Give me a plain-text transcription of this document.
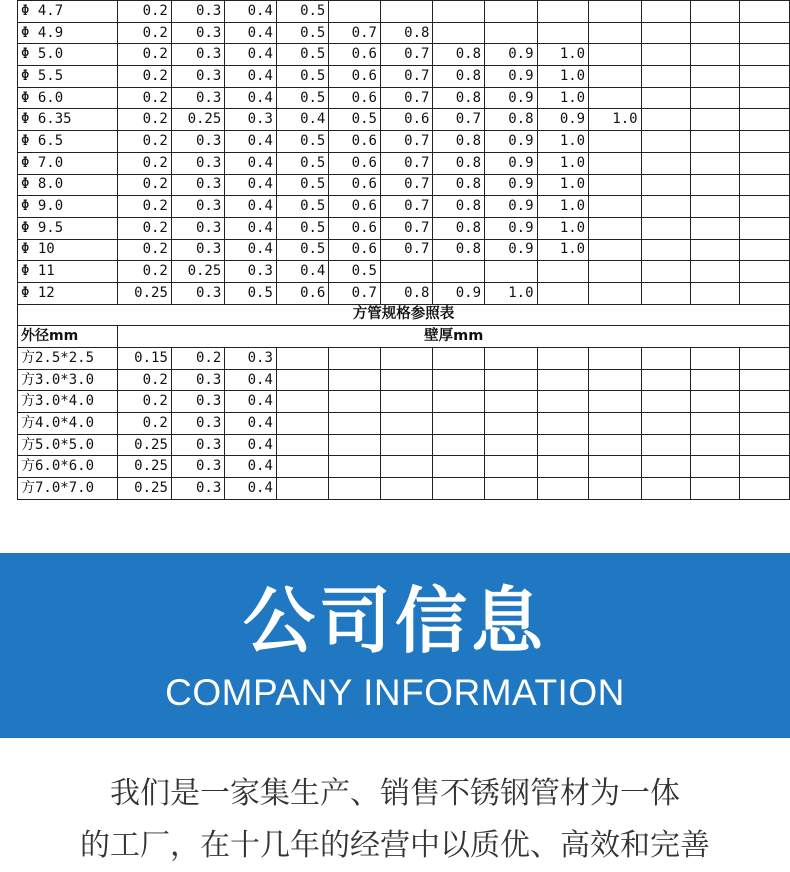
Φ 4.7	0.2	0.3	0.4	0.5									
Φ 4.9	0.2	0.3	0.4	0.5	0.7	0.8							
Φ 5.0	0.2	0.3	0.4	0.5	0.6	0.7	0.8	0.9	1.0				
Φ 5.5	0.2	0.3	0.4	0.5	0.6	0.7	0.8	0.9	1.0				
Φ 6.0	0.2	0.3	0.4	0.5	0.6	0.7	0.8	0.9	1.0				
Φ 6.35	0.2	0.25	0.3	0.4	0.5	0.6	0.7	0.8	0.9	1.0			
Φ 6.5	0.2	0.3	0.4	0.5	0.6	0.7	0.8	0.9	1.0				
Φ 7.0	0.2	0.3	0.4	0.5	0.6	0.7	0.8	0.9	1.0				
Φ 8.0	0.2	0.3	0.4	0.5	0.6	0.7	0.8	0.9	1.0				
Φ 9.0	0.2	0.3	0.4	0.5	0.6	0.7	0.8	0.9	1.0				
Φ 9.5	0.2	0.3	0.4	0.5	0.6	0.7	0.8	0.9	1.0				
Φ 10	0.2	0.3	0.4	0.5	0.6	0.7	0.8	0.9	1.0				
Φ 11	0.2	0.25	0.3	0.4	0.5								
Φ 12	0.25	0.3	0.5	0.6	0.7	0.8	0.9	1.0					
方管规格参照表													
外径mm	壁厚mm												
方2.5*2.5	0.15	0.2	0.3										
方3.0*3.0	0.2	0.3	0.4										
方3.0*4.0	0.2	0.3	0.4										
方4.0*4.0	0.2	0.3	0.4										
方5.0*5.0	0.25	0.3	0.4										
方6.0*6.0	0.25	0.3	0.4										
方7.0*7.0	0.25	0.3	0.4										
公司信息
COMPANY INFORMATION
我们是一家集生产、销售不锈钢管材为一体
的工厂，在十几年的经营中以质优、高效和完善
